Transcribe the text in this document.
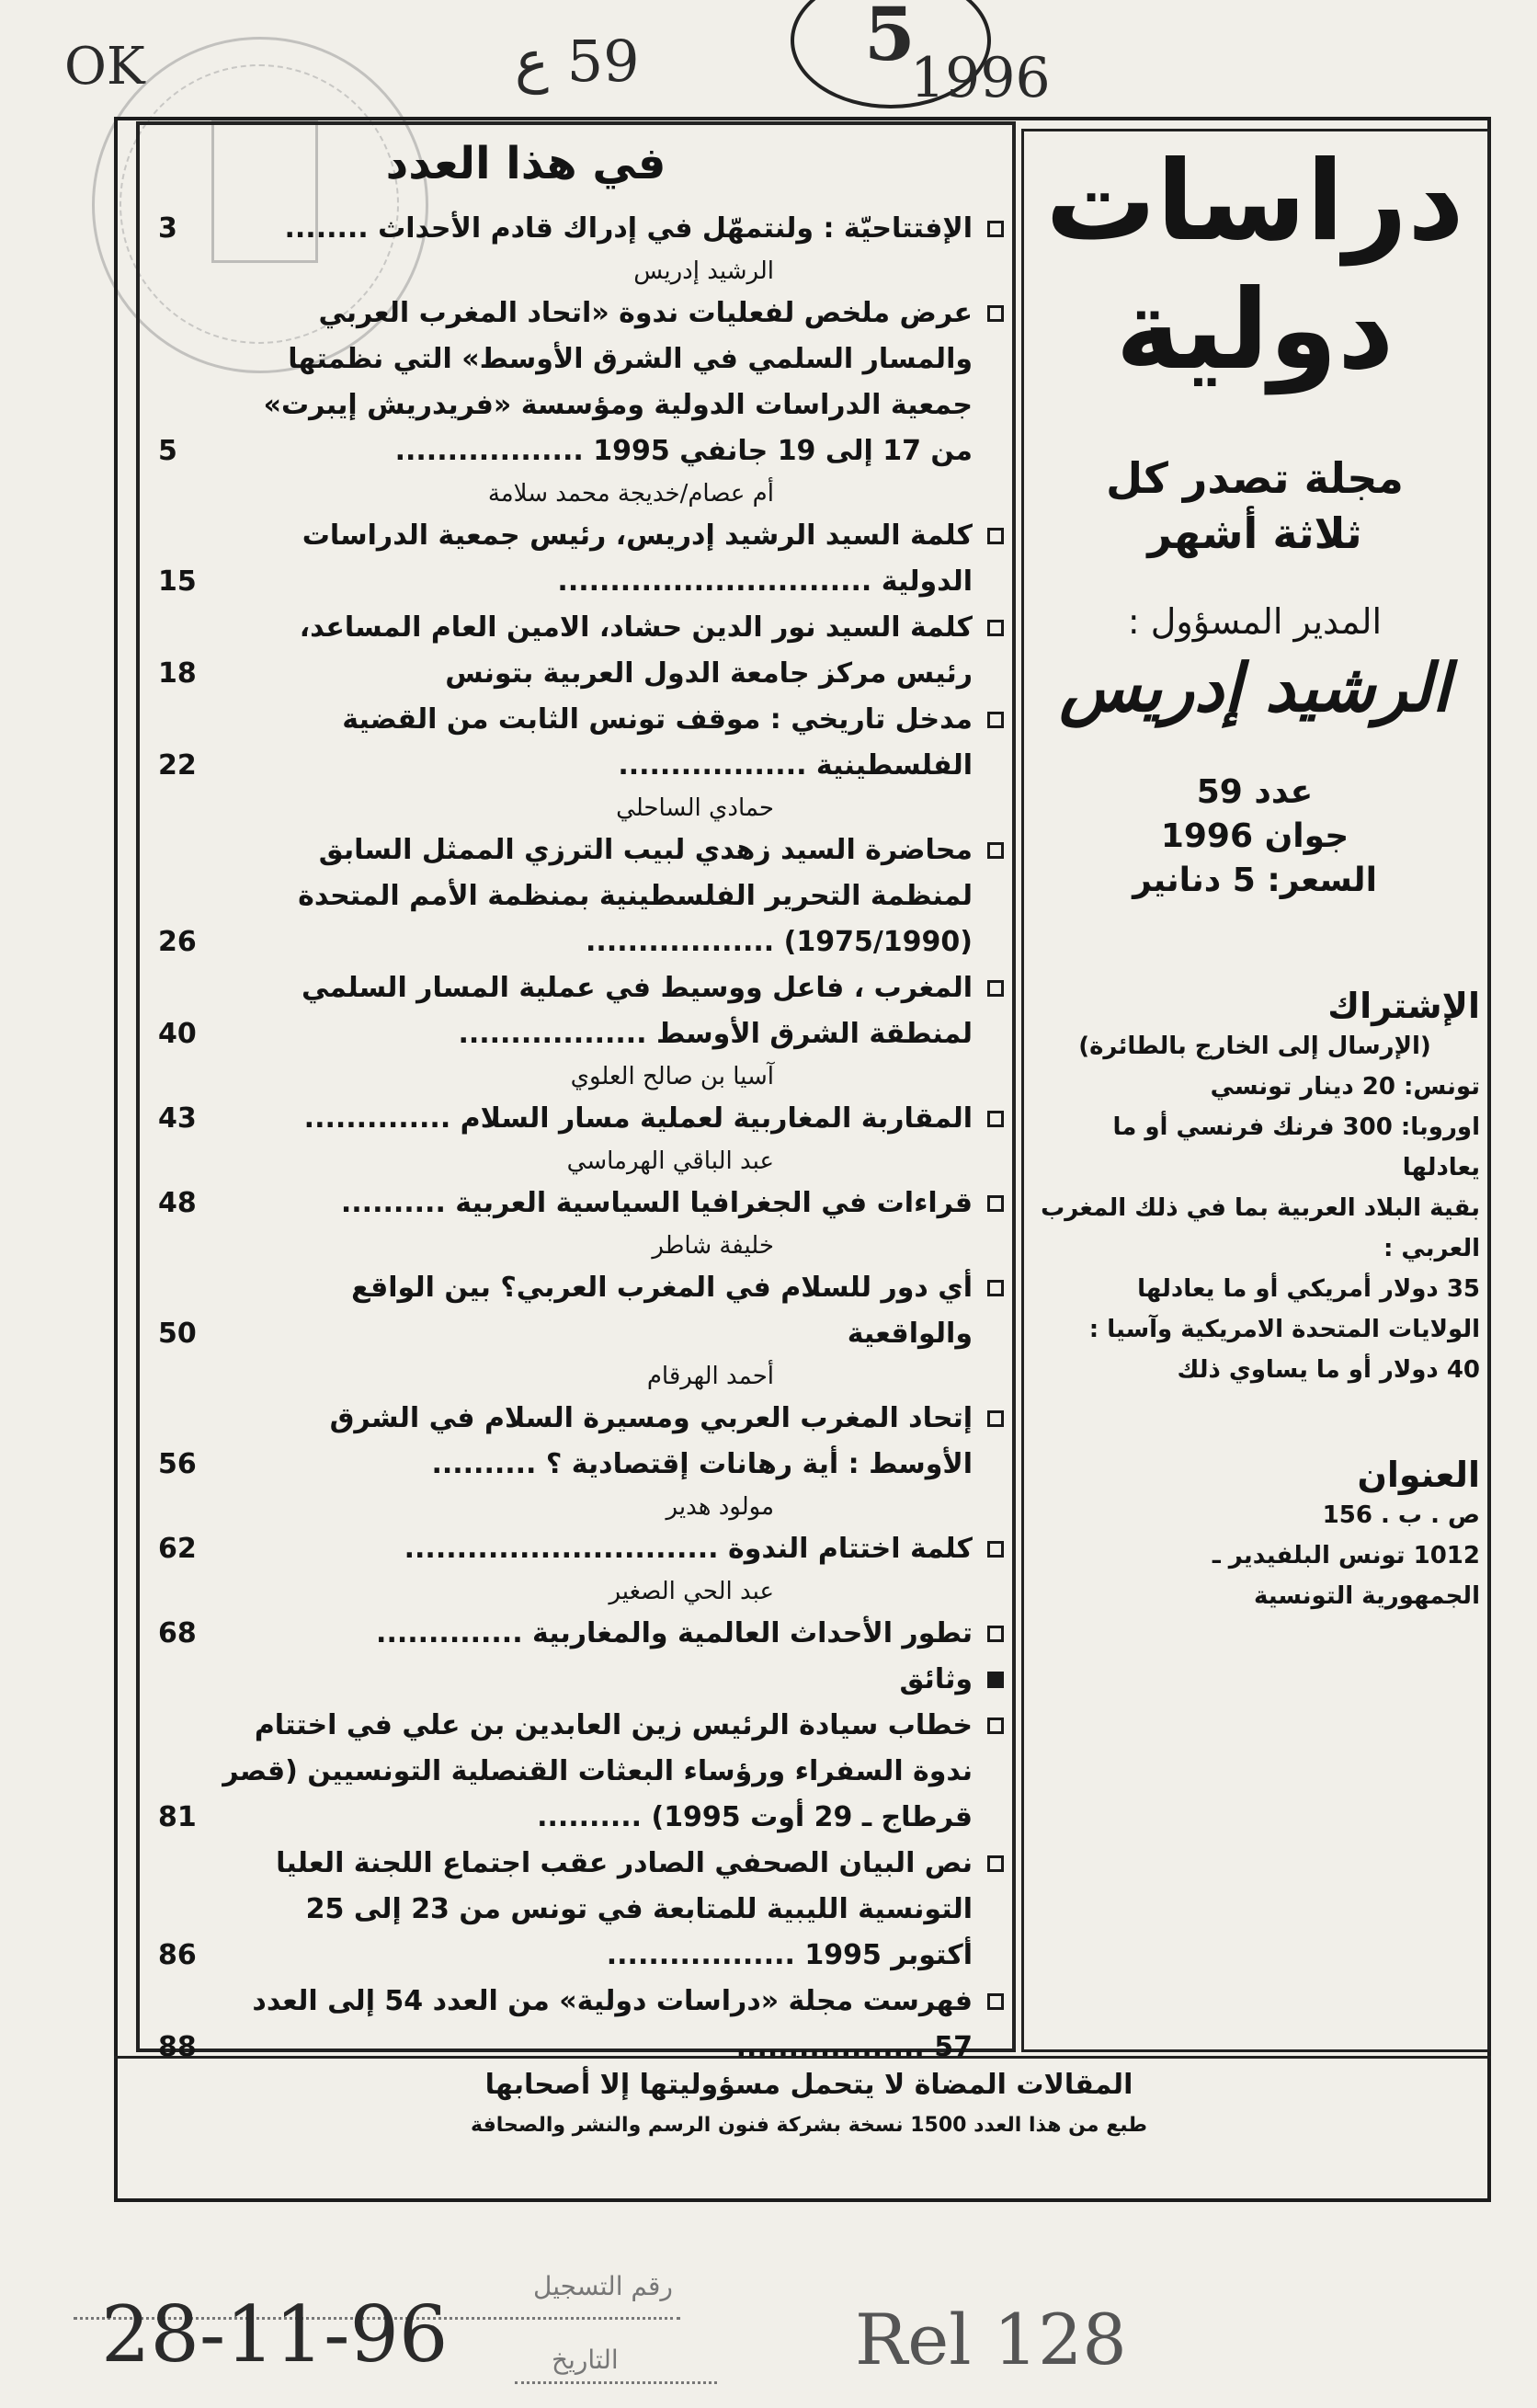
OK	59 ع	5
1996
في هذا العدد
الإفتتاحيّة : ولنتمهّل في إدراك قادم الأحداث ........
3
الرشيد إدريس
عرض ملخص لفعليات ندوة «اتحاد المغرب العربي والمسار السلمي في الشرق الأوسط» التي نظمتها جمعية الدراسات الدولية ومؤسسة «فريدريش إيبرت» من 17 إلى 19 جانفي 1995 ..................
5
أم عصام/خديجة محمد سلامة
كلمة السيد الرشيد إدريس، رئيس جمعية الدراسات الدولية ..............................
15
كلمة السيد نور الدين حشاد، الامين العام المساعد، رئيس مركز جامعة الدول العربية بتونس
18
مدخل تاريخي : موقف تونس الثابت من القضية الفلسطينية ..................
22
حمادي الساحلي
محاضرة السيد زهدي لبيب الترزي الممثل السابق لمنظمة التحرير الفلسطينية بمنظمة الأمم المتحدة (1975/1990) ..................
26
المغرب ، فاعل ووسيط في عملية المسار السلمي لمنطقة الشرق الأوسط ..................
40
آسيا بن صالح العلوي
المقاربة المغاربية لعملية مسار السلام ..............
43
عبد الباقي الهرماسي
قراءات في الجغرافيا السياسية العربية ..........
48
خليفة شاطر
أي دور للسلام في المغرب العربي؟ بين الواقع والواقعية
50
أحمد الهرقام
إتحاد المغرب العربي ومسيرة السلام في الشرق الأوسط : أية رهانات إقتصادية ؟ ..........
56
مولود هدير
كلمة اختتام الندوة ..............................
62
عبد الحي الصغير
تطور الأحداث العالمية والمغاربية ..............
68
وثائق
خطاب سيادة الرئيس زين العابدين بن علي في اختتام ندوة السفراء ورؤساء البعثات القنصلية التونسيين (قصر قرطاج ـ 29 أوت 1995) ..........
81
نص البيان الصحفي الصادر عقب اجتماع اللجنة العليا التونسية الليبية للمتابعة في تونس من 23 إلى 25 أكتوبر 1995 ..................
86
فهرست مجلة «دراسات دولية» من العدد 54 إلى العدد 57 ..................
88
دراسات
دولية
مجلة تصدر كل
ثلاثة أشهر
المدير المسؤول :
الرشيد إدريس
عدد 59
جوان 1996
السعر: 5 دنانير
الإشتراك
(الإرسال إلى الخارج بالطائرة)
تونس: 20 دينار تونسي
اوروبا: 300 فرنك فرنسي أو ما يعادلها
بقية البلاد العربية بما في ذلك المغرب العربي :
35 دولار أمريكي أو ما يعادلها
الولايات المتحدة الامريكية وآسيا :
40 دولار أو ما يساوي ذلك
العنوان
ص . ب . 156
1012 تونس البلفيدير ـ
الجمهورية التونسية
المقالات المضاة لا يتحمل مسؤوليتها إلا أصحابها
طبع من هذا العدد 1500 نسخة بشركة فنون الرسم والنشر والصحافة
رقم التسجيل
28-11-96	التاريخ	Rel 128
